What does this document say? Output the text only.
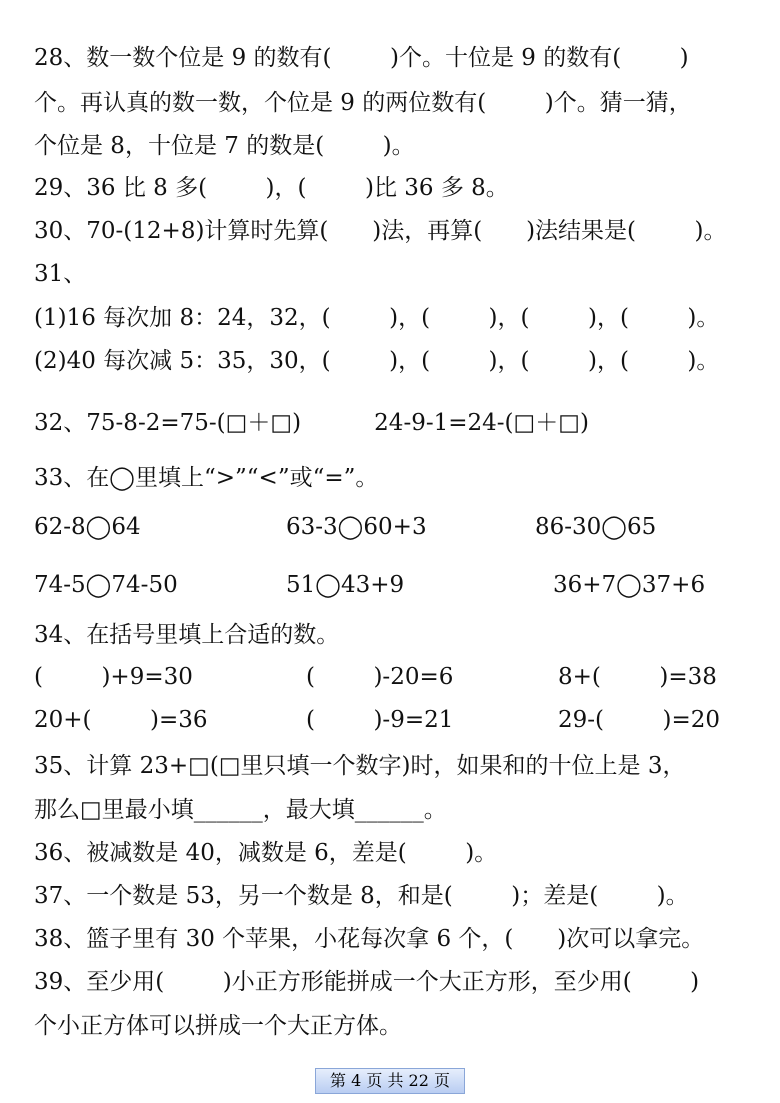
28、数一数个位是 9 的数有(        )个。十位是 9 的数有(        )
个。再认真的数一数，个位是 9 的两位数有(        )个。猜一猜，
个位是 8，十位是 7 的数是(        )。
29、36 比 8 多(        )，(        )比 36 多 8。
30、70-(12+8)计算时先算(      )法，再算(      )法结果是(        )。
31、
(1)16 每次加 8：24，32，(        )，(        )，(        )，(        )。
(2)40 每次减 5：35，30，(        )，(        )，(        )，(        )。
32、75-8-2=75-(□＋□)          24-9-1=24-(□＋□)
33、在◯里填上“>”“<”或“=”。
62-8◯64	63-3◯60+3	86-30◯65
74-5◯74-50	51◯43+9	36+7◯37+6
34、在括号里填上合适的数。
(        )+9=30	(        )-20=6	8+(        )=38
20+(        )=36	(        )-9=21	29-(        )=20
35、计算 23+□(□里只填一个数字)时，如果和的十位上是 3，
那么□里最小填______，最大填______。
36、被减数是 40，减数是 6，差是(        )。
37、一个数是 53，另一个数是 8，和是(        )；差是(        )。
38、篮子里有 30 个苹果，小花每次拿 6 个，(      )次可以拿完。
39、至少用(        )小正方形能拼成一个大正方形，至少用(        )
个小正方体可以拼成一个大正方体。
第 4 页 共 22 页
